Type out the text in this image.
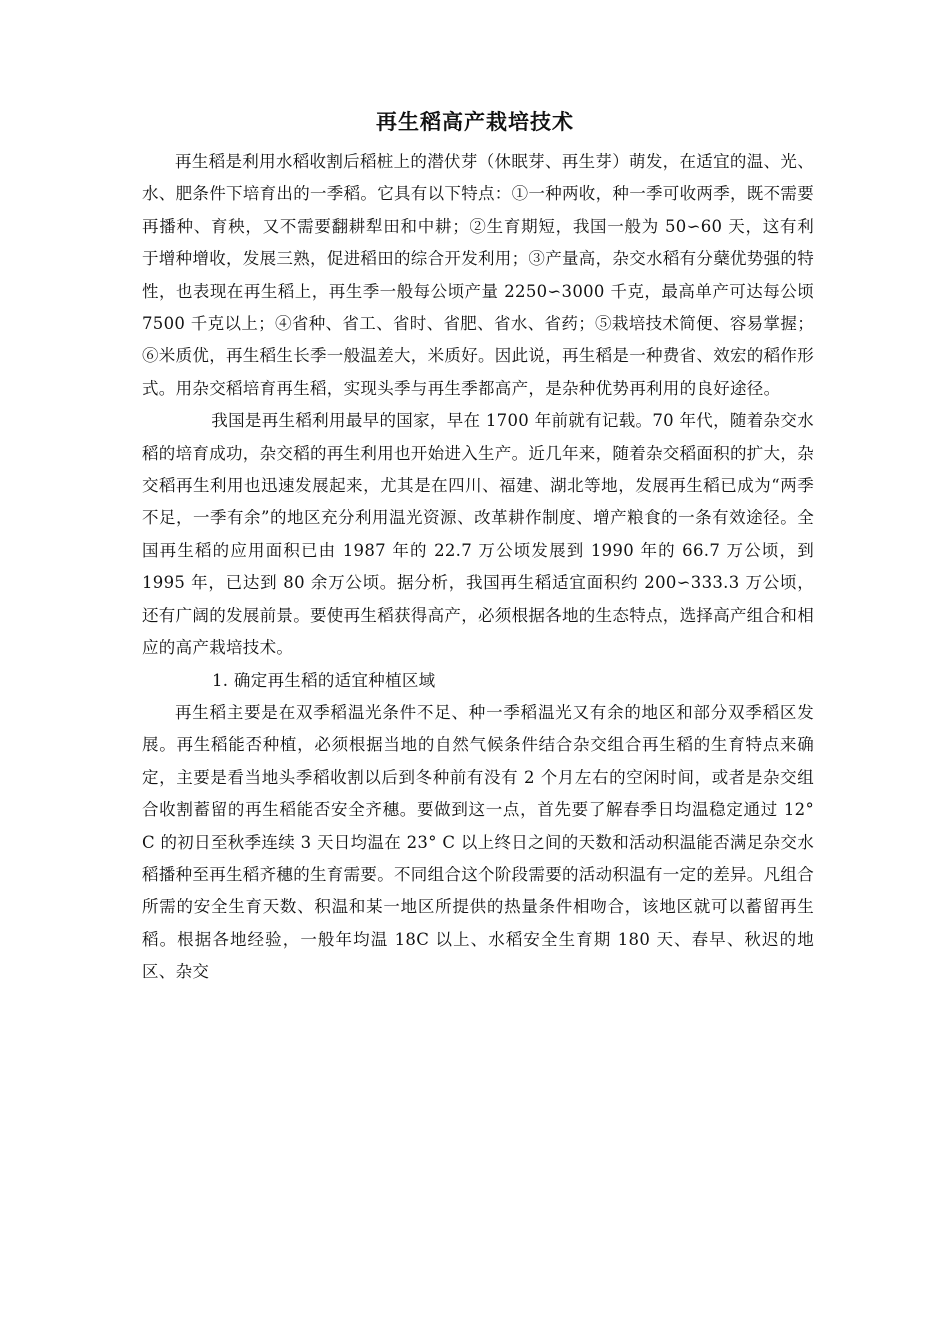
再生稻高产栽培技术

再生稻是利用水稻收割后稻桩上的潜伏芽（休眠芽、再生芽）萌发，在适宜的温、光、水、肥条件下培育出的一季稻。它具有以下特点：①一种两收，种一季可收两季，既不需要再播种、育秧，又不需要翻耕犁田和中耕；②生育期短，我国一般为 50∽60 天，这有利于增种增收，发展三熟，促进稻田的综合开发利用；③产量高，杂交水稻有分蘖优势强的特性，也表现在再生稻上，再生季一般每公顷产量 2250∽3000 千克，最高单产可达每公顷 7500 千克以上；④省种、省工、省时、省肥、省水、省药；⑤栽培技术简便、容易掌握；⑥米质优，再生稻生长季一般温差大，米质好。因此说，再生稻是一种费省、效宏的稻作形式。用杂交稻培育再生稻，实现头季与再生季都高产，是杂种优势再利用的良好途径。

我国是再生稻利用最早的国家，早在 1700 年前就有记载。70 年代，随着杂交水稻的培育成功，杂交稻的再生利用也开始进入生产。近几年来，随着杂交稻面积的扩大，杂交稻再生利用也迅速发展起来，尤其是在四川、福建、湖北等地，发展再生稻已成为“两季不足，一季有余”的地区充分利用温光资源、改革耕作制度、增产粮食的一条有效途径。全国再生稻的应用面积已由 1987 年的 22.7 万公顷发展到 1990 年的 66.7 万公顷，到 1995 年，已达到 80 余万公顷。据分析，我国再生稻适宜面积约 200∽333.3 万公顷，还有广阔的发展前景。要使再生稻获得高产，必须根据各地的生态特点，选择高产组合和相应的高产栽培技术。

1. 确定再生稻的适宜种植区域

再生稻主要是在双季稻温光条件不足、种一季稻温光又有余的地区和部分双季稻区发展。再生稻能否种植，必须根据当地的自然气候条件结合杂交组合再生稻的生育特点来确定，主要是看当地头季稻收割以后到冬种前有没有 2 个月左右的空闲时间，或者是杂交组合收割蓄留的再生稻能否安全齐穗。要做到这一点，首先要了解春季日均温稳定通过 12° C 的初日至秋季连续 3 天日均温在 23° C 以上终日之间的天数和活动积温能否满足杂交水稻播种至再生稻齐穗的生育需要。不同组合这个阶段需要的活动积温有一定的差异。凡组合所需的安全生育天数、积温和某一地区所提供的热量条件相吻合，该地区就可以蓄留再生稻。根据各地经验，一般年均温 18C 以上、水稻安全生育期 180 天、春早、秋迟的地区、杂交
